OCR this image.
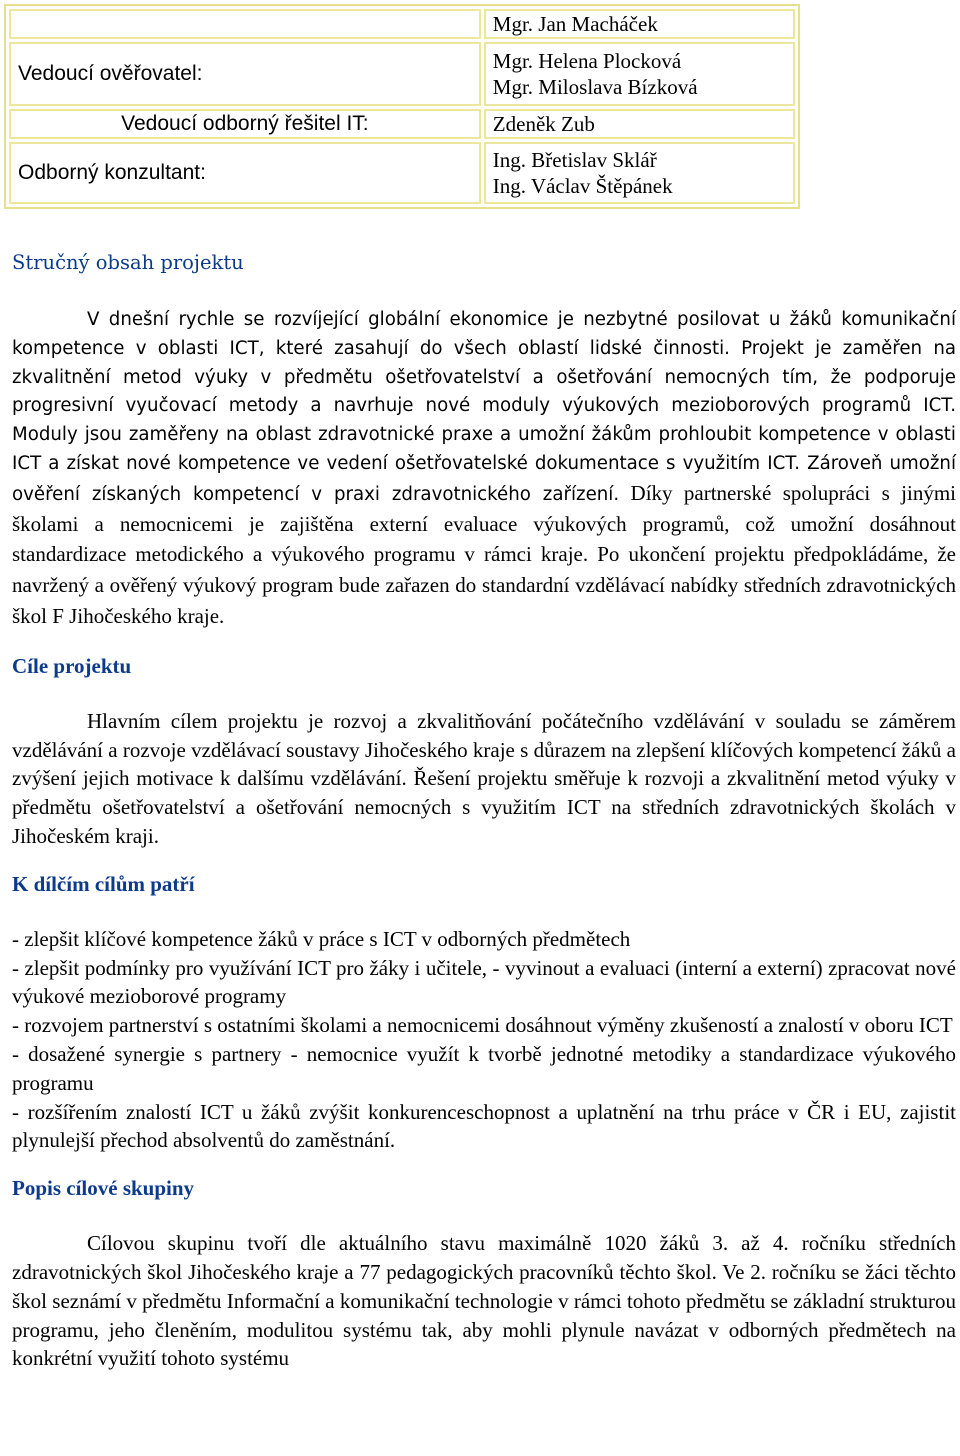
	Mgr. Jan Macháček

Vedoucí ověřovatel:	Mgr. Helena Plocková
Mgr. Miloslava Bízková

Vedoucí odborný řešitel IT:	Zdeněk Zub

Odborný konzultant:	Ing. Břetislav Sklář
Ing. Václav Štěpánek
Stručný obsah projektu

V dnešní rychle se rozvíjející globální ekonomice je nezbytné posilovat u žáků komunikační kompetence v oblasti ICT, které zasahují do všech oblastí lidské činnosti. Projekt je zaměřen na zkvalitnění metod výuky v předmětu ošetřovatelství a ošetřování nemocných tím, že podporuje progresivní vyučovací metody a navrhuje nové moduly výukových mezioborových programů ICT. Moduly jsou zaměřeny na oblast zdravotnické praxe a umožní žákům prohloubit kompetence v oblasti ICT a získat nové kompetence ve vedení ošetřovatelské dokumentace s využitím ICT. Zároveň umožní ověření získaných kompetencí v praxi zdravotnického zařízení. Díky partnerské spolupráci s jinými školami a nemocnicemi je zajištěna externí evaluace výukových programů, což umožní dosáhnout standardizace metodického a výukového programu v rámci kraje. Po ukončení projektu předpokládáme, že navržený a ověřený výukový program bude zařazen do standardní vzdělávací nabídky středních zdravotnických škol F Jihočeského kraje.

Cíle projektu

Hlavním cílem projektu je rozvoj a zkvalitňování počátečního vzdělávání v souladu se záměrem vzdělávání a rozvoje vzdělávací soustavy Jihočeského kraje s důrazem na zlepšení klíčových kompetencí žáků a zvýšení jejich motivace k dalšímu vzdělávání. Řešení projektu směřuje k rozvoji a zkvalitnění metod výuky v předmětu ošetřovatelství a ošetřování nemocných s využitím ICT na středních zdravotnických školách v Jihočeském kraji.

K dílčím cílům patří
- zlepšit klíčové kompetence žáků v práce s ICT v odborných předmětech
- zlepšit podmínky pro využívání ICT pro žáky i učitele, - vyvinout a evaluaci (interní a externí) zpracovat nové výukové mezioborové programy
- rozvojem partnerství s ostatními školami a nemocnicemi dosáhnout výměny zkušeností a znalostí v oboru ICT
- dosažené synergie s partnery - nemocnice využít k tvorbě jednotné metodiky a standardizace výukového programu
- rozšířením znalostí ICT u žáků zvýšit konkurenceschopnost a uplatnění na trhu práce v ČR i EU, zajistit plynulejší přechod absolventů do zaměstnání.
Popis cílové skupiny

Cílovou skupinu tvoří dle aktuálního stavu maximálně 1020 žáků 3. až 4. ročníku středních zdravotnických škol Jihočeského kraje a 77 pedagogických pracovníků těchto škol. Ve 2. ročníku se žáci těchto škol seznámí v předmětu Informační a komunikační technologie v rámci tohoto předmětu se základní strukturou programu, jeho členěním, modulitou systému tak, aby mohli plynule navázat v odborných předmětech na konkrétní využití tohoto systému
